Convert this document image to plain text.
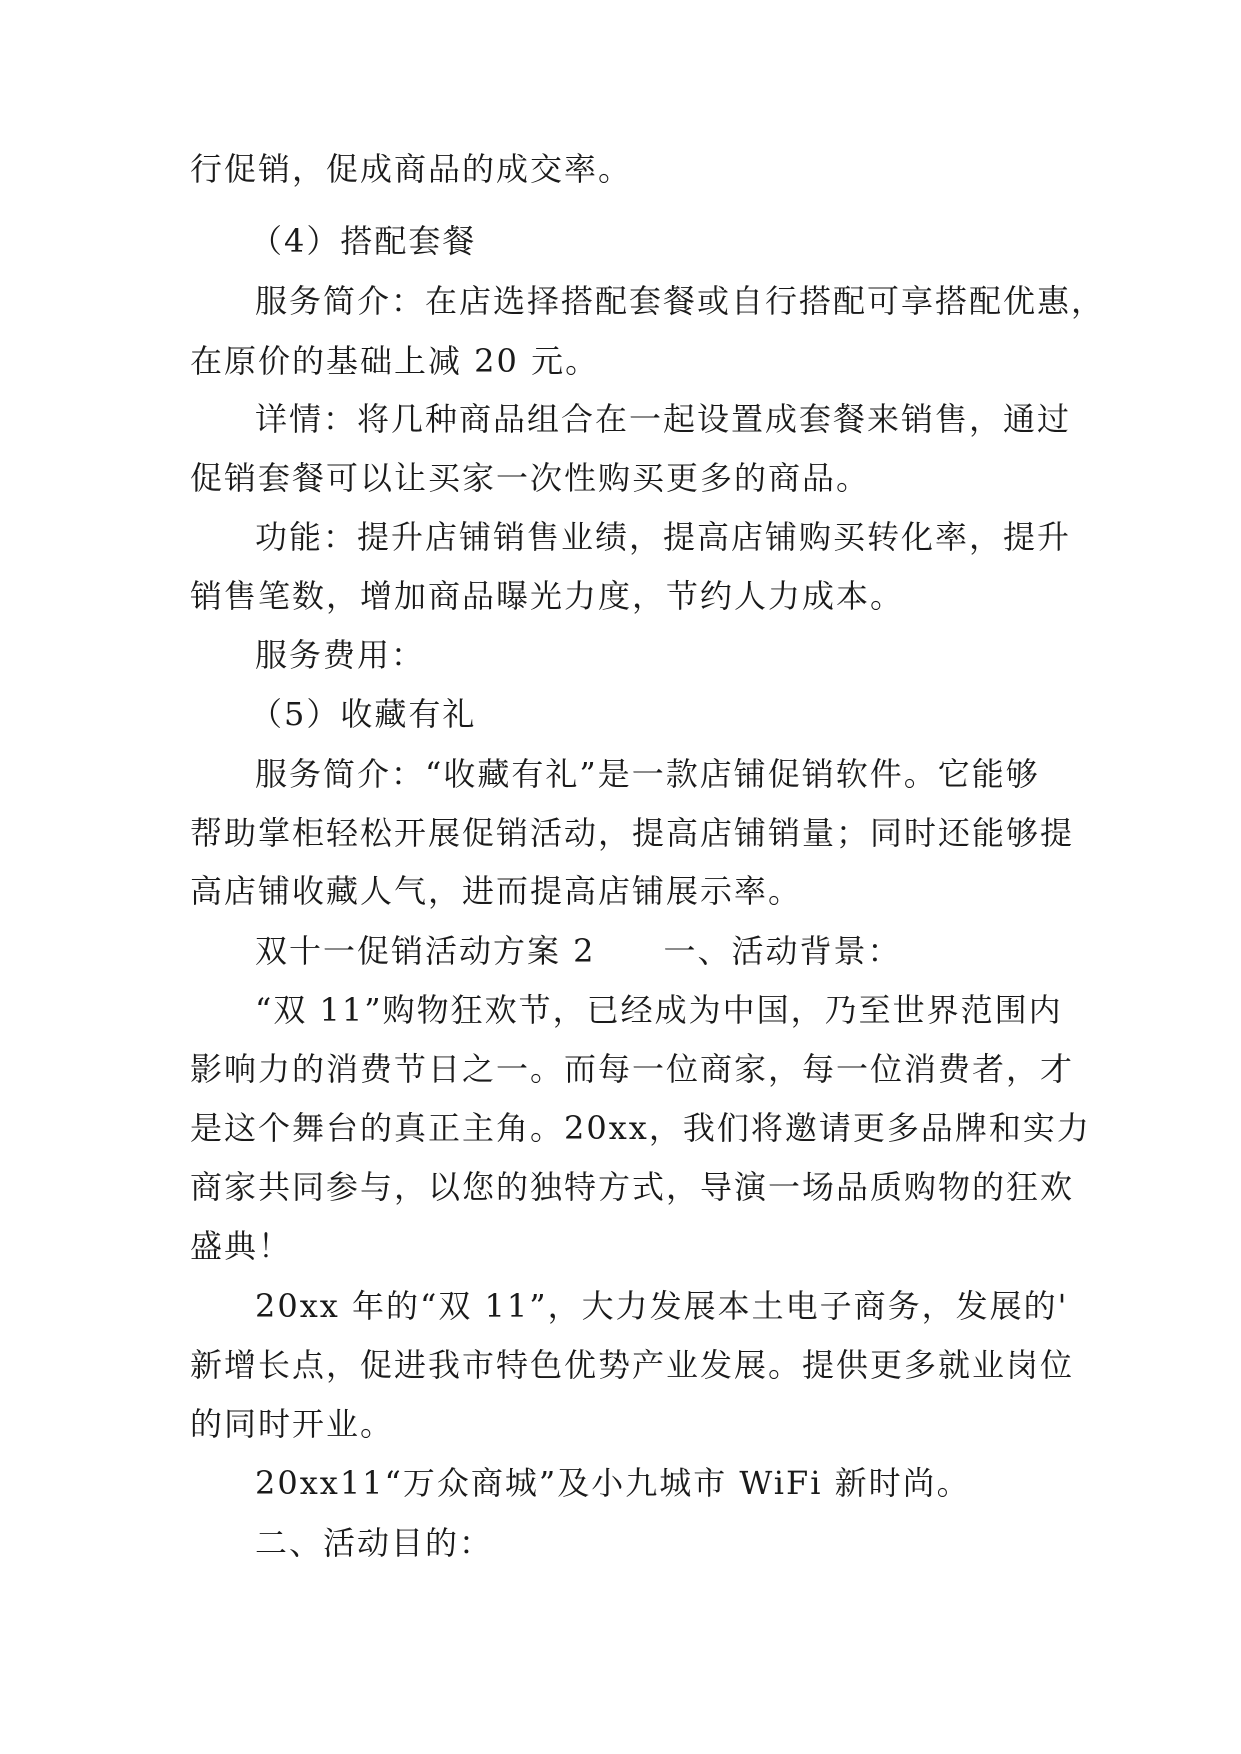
行促销，促成商品的成交率。
（4）搭配套餐
服务简介：在店选择搭配套餐或自行搭配可享搭配优惠，
在原价的基础上减 20 元。
详情：将几种商品组合在一起设置成套餐来销售，通过
促销套餐可以让买家一次性购买更多的商品。
功能：提升店铺销售业绩，提高店铺购买转化率，提升
销售笔数，增加商品曝光力度，节约人力成本。
服务费用：
（5）收藏有礼
服务简介：“收藏有礼”是一款店铺促销软件。它能够
帮助掌柜轻松开展促销活动，提高店铺销量；同时还能够提
高店铺收藏人气，进而提高店铺展示率。
双十一促销活动方案 2　　一、活动背景：
“双 11”购物狂欢节，已经成为中国，乃至世界范围内
影响力的消费节日之一。而每一位商家，每一位消费者，才
是这个舞台的真正主角。20xx，我们将邀请更多品牌和实力
商家共同参与，以您的独特方式，导演一场品质购物的狂欢
盛典！
20xx 年的“双 11”，大力发展本土电子商务，发展的'
新增长点，促进我市特色优势产业发展。提供更多就业岗位
的同时开业。
20xx11“万众商城”及小九城市 WiFi 新时尚。
二、活动目的：
